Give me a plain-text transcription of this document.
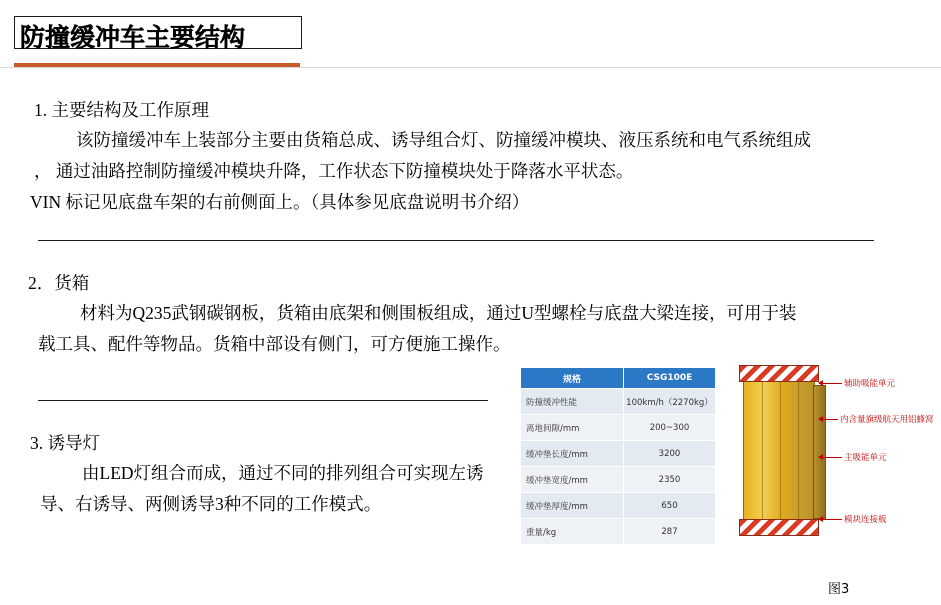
防撞缓冲车主要结构
1. 主要结构及工作原理
该防撞缓冲车上装部分主要由货箱总成、诱导组合灯、防撞缓冲模块、液压系统和电气系统组成
， 通过油路控制防撞缓冲模块升降，工作状态下防撞模块处于降落水平状态。
VIN 标记见底盘车架的右前侧面上。（具体参见底盘说明书介绍）
2．货箱
材料为Q235武钢碳钢板，货箱由底架和侧围板组成，通过U型螺栓与底盘大梁连接，可用于装
载工具、配件等物品。货箱中部设有侧门，可方便施工操作。
3. 诱导灯
由LED灯组合而成，通过不同的排列组合可实现左诱
导、右诱导、两侧诱导3种不同的工作模式。
规格	CSG100E
防撞缓冲性能	100km/h（2270kg）
离地间隙/mm	200~300
缓冲垫长度/mm	3200
缓冲垫宽度/mm	2350
缓冲垫厚度/mm	650
重量/kg	287
辅助吸能单元
内含量旗级航天用铝蜂窝
主吸能单元
模块连接板
图3
